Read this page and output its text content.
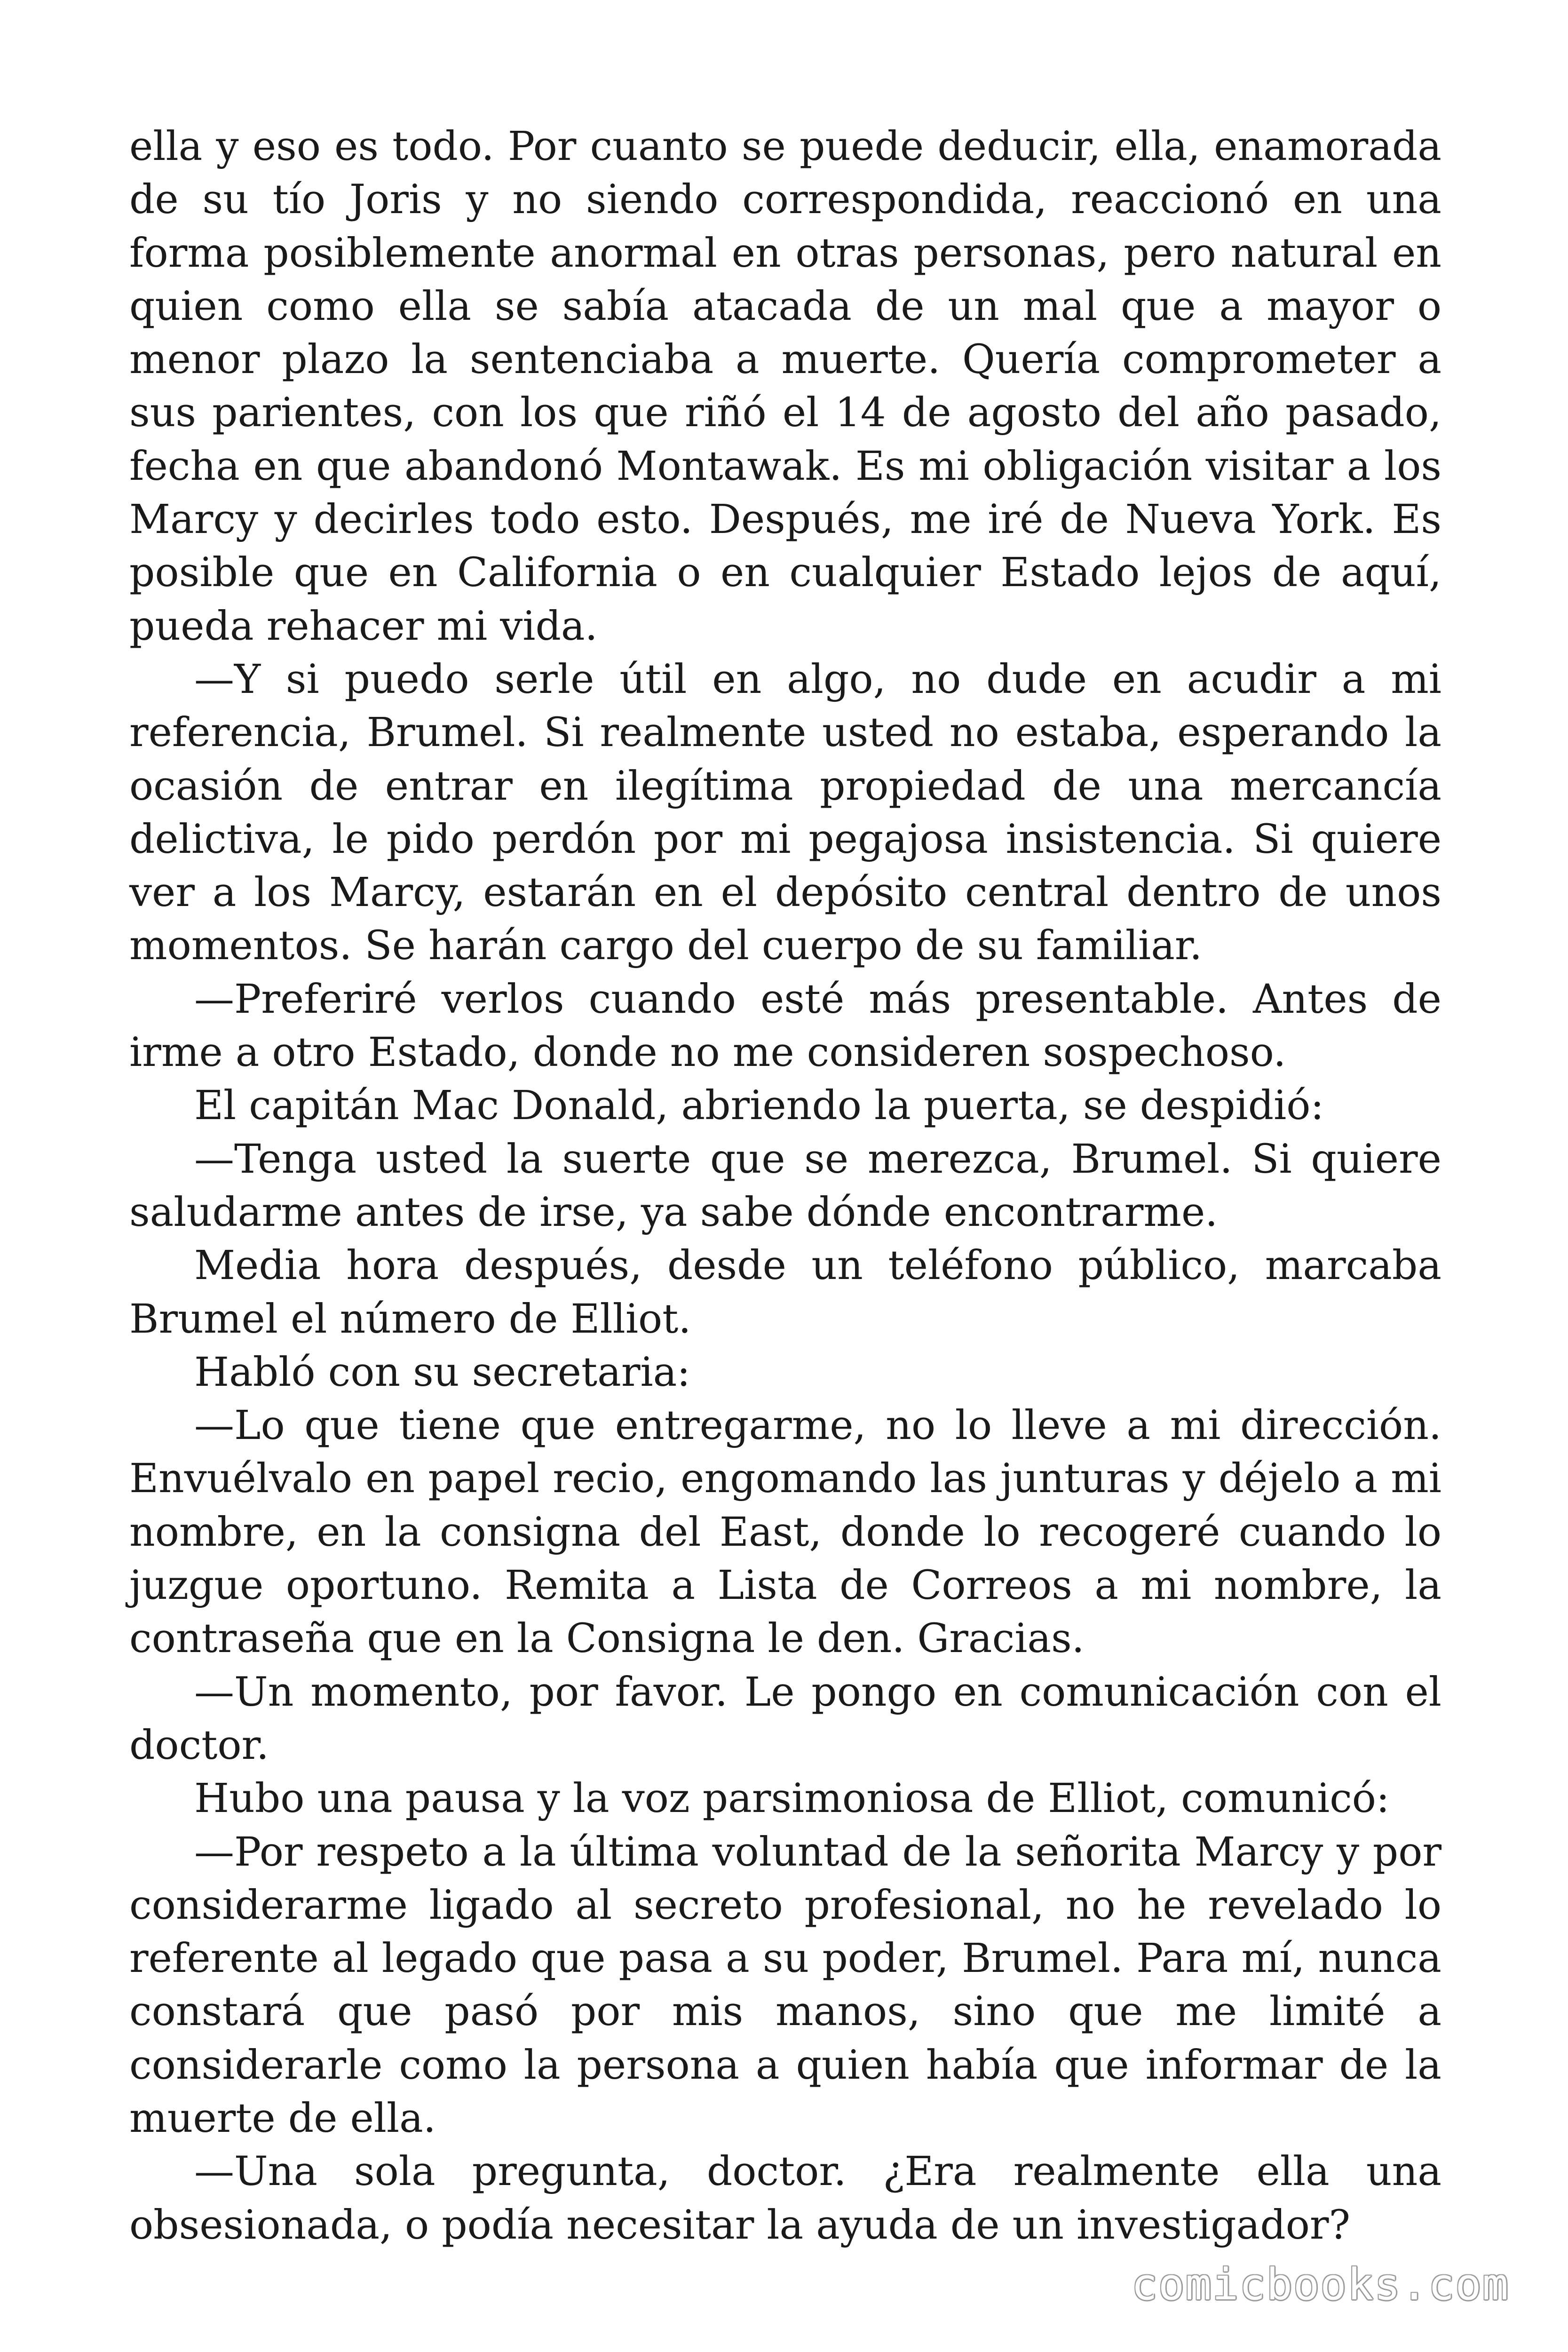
ella y eso es todo. Por cuanto se puede deducir, ella, enamorada de su tío Joris y no siendo correspondida, reaccionó en una forma posiblemente anormal en otras personas, pero natural en quien como ella se sabía atacada de un mal que a mayor o menor plazo la sentenciaba a muerte. Quería comprometer a sus parientes, con los que riñó el 14 de agosto del año pasado, fecha en que abandonó Montawak. Es mi obligación visitar a los Marcy y decirles todo esto. Después, me iré de Nueva York. Es posible que en California o en cualquier Estado lejos de aquí, pueda rehacer mi vida.

—Y si puedo serle útil en algo, no dude en acudir a mi referencia, Brumel. Si realmente usted no estaba, esperando la ocasión de entrar en ilegítima propiedad de una mercancía delictiva, le pido perdón por mi pegajosa insistencia. Si quiere ver a los Marcy, estarán en el depósito central dentro de unos momentos. Se harán cargo del cuerpo de su familiar.

—Preferiré verlos cuando esté más presentable. Antes de irme a otro Estado, donde no me consideren sospechoso.

El capitán Mac Donald, abriendo la puerta, se despidió:

—Tenga usted la suerte que se merezca, Brumel. Si quiere saludarme antes de irse, ya sabe dónde encontrarme.

Media hora después, desde un teléfono público, marcaba Brumel el número de Elliot.

Habló con su secretaria:

—Lo que tiene que entregarme, no lo lleve a mi dirección. Envuélvalo en papel recio, engomando las junturas y déjelo a mi nombre, en la consigna del East, donde lo recogeré cuando lo juzgue oportuno. Remita a Lista de Correos a mi nombre, la contraseña que en la Consigna le den. Gracias.

—Un momento, por favor. Le pongo en comunicación con el doctor.

Hubo una pausa y la voz parsimoniosa de Elliot, comunicó:

—Por respeto a la última voluntad de la señorita Marcy y por considerarme ligado al secreto profesional, no he revelado lo referente al legado que pasa a su poder, Brumel. Para mí, nunca constará que pasó por mis manos, sino que me limité a considerarle como la persona a quien había que informar de la muerte de ella.

—Una sola pregunta, doctor. ¿Era realmente ella una obsesionada, o podía necesitar la ayuda de un investigador?

comicbooks.com
